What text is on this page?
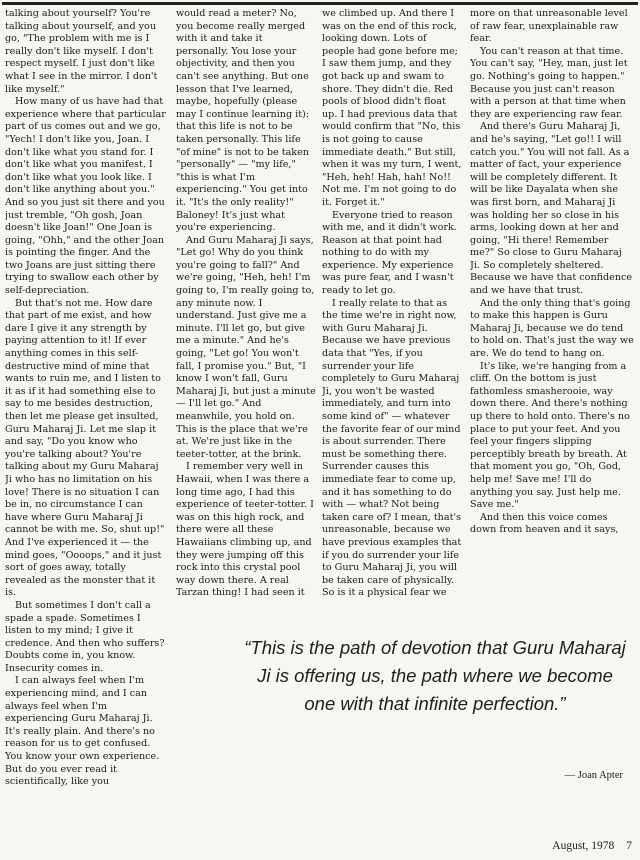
talking about yourself? You're talking about yourself, and you go, "The problem with me is I really don't like myself. I don't respect myself. I just don't like what I see in the mirror. I don't like myself."

How many of us have had that experience where that particular part of us comes out and we go, "Yech! I don't like you, Joan. I don't like what you stand for. I don't like what you manifest. I don't like what you look like. I don't like anything about you." And so you just sit there and you just tremble, "Oh gosh, Joan doesn't like Joan!" One Joan is going, "Ohh," and the other Joan is pointing the finger. And the two Joans are just sitting there trying to swallow each other by self-depreciation.

But that's not me. How dare that part of me exist, and how dare I give it any strength by paying attention to it! If ever anything comes in this self-destructive mind of mine that wants to ruin me, and I listen to it as if it had something else to say to me besides destruction, then let me please get insulted, Guru Maharaj Ji. Let me slap it and say, "Do you know who you're talking about? You're talking about my Guru Maharaj Ji who has no limitation on his love! There is no situation I can be in, no circumstance I can have where Guru Maharaj Ji cannot be with me. So, shut up!" And I've experienced it — the mind goes, "Oooops," and it just sort of goes away, totally revealed as the monster that it is.

But sometimes I don't call a spade a spade. Sometimes I listen to my mind; I give it credence. And then who suffers? Doubts come in, you know. Insecurity comes in.

I can always feel when I'm experiencing mind, and I can always feel when I'm experiencing Guru Maharaj Ji. It's really plain. And there's no reason for us to get confused. You know your own experience. But do you ever read it scientifically, like you

would read a meter? No, you become really merged with it and take it personally. You lose your objectivity, and then you can't see anything. But one lesson that I've learned, maybe, hopefully (please may I continue learning it): that this life is not to be taken personally. This life "of mine" is not to be taken "personally" — "my life," "this is what I'm experiencing." You get into it. "It's the only reality!" Baloney! It's just what you're experiencing.

And Guru Maharaj Ji says, "Let go! Why do you think you're going to fall?" And we're going, "Heh, heh! I'm going to, I'm really going to, any minute now. I understand. Just give me a minute. I'll let go, but give me a minute." And he's going, "Let go! You won't fall, I promise you." But, "I know I won't fall, Guru Maharaj Ji, but just a minute — I'll let go." And meanwhile, you hold on. This is the place that we're at. We're just like in the teeter-totter, at the brink.

I remember very well in Hawaii, when I was there a long time ago, I had this experience of teeter-totter. I was on this high rock, and there were all these Hawaiians climbing up, and they were jumping off this rock into this crystal pool way down there. A real Tarzan thing! I had seen it

we climbed up. And there I was on the end of this rock, looking down. Lots of people had gone before me; I saw them jump, and they got back up and swam to shore. They didn't die. Red pools of blood didn't float up. I had previous data that would confirm that "No, this is not going to cause immediate death." But still, when it was my turn, I went, "Heh, heh! Hah, hah! No!! Not me. I'm not going to do it. Forget it."

Everyone tried to reason with me, and it didn't work. Reason at that point had nothing to do with my experience. My experience was pure fear, and I wasn't ready to let go.

I really relate to that as the time we're in right now, with Guru Maharaj Ji. Because we have previous data that "Yes, if you surrender your life completely to Guru Maharaj Ji, you won't be wasted immediately, and turn into some kind of" — whatever the favorite fear of our mind is about surrender. There must be something there. Surrender causes this immediate fear to come up, and it has something to do with — what? Not being taken care of? I mean, that's unreasonable, because we have previous examples that if you do surrender your life to Guru Maharaj Ji, you will be taken care of physically. So is it a physical fear we

more on that unreasonable level of raw fear, unexplainable raw fear.

You can't reason at that time. You can't say, "Hey, man, just let go. Nothing's going to happen." Because you just can't reason with a person at that time when they are experiencing raw fear.

And there's Guru Maharaj Ji, and he's saying, "Let go!! I will catch you." You will not fall. As a matter of fact, your experience will be completely different. It will be like Dayalata when she was first born, and Maharaj Ji was holding her so close in his arms, looking down at her and going, "Hi there! Remember me?" So close to Guru Maharaj Ji. So completely sheltered. Because we have that confidence and we have that trust.

And the only thing that's going to make this happen is Guru Maharaj Ji, because we do tend to hold on. That's just the way we are. We do tend to hang on.

It's like, we're hanging from a cliff. On the bottom is just fathomless smasherooie, way down there. And there's nothing up there to hold onto. There's no place to put your feet. And you feel your fingers slipping perceptibly breath by breath. At that moment you go, "Oh, God, help me! Save me! I'll do anything you say. Just help me. Save me."

And then this voice comes down from heaven and it says,

“This is the path of devotion that Guru Maharaj Ji is offering us, the path where we become one with that infinite perfection.”
— Joan Apter
August, 1978 7
